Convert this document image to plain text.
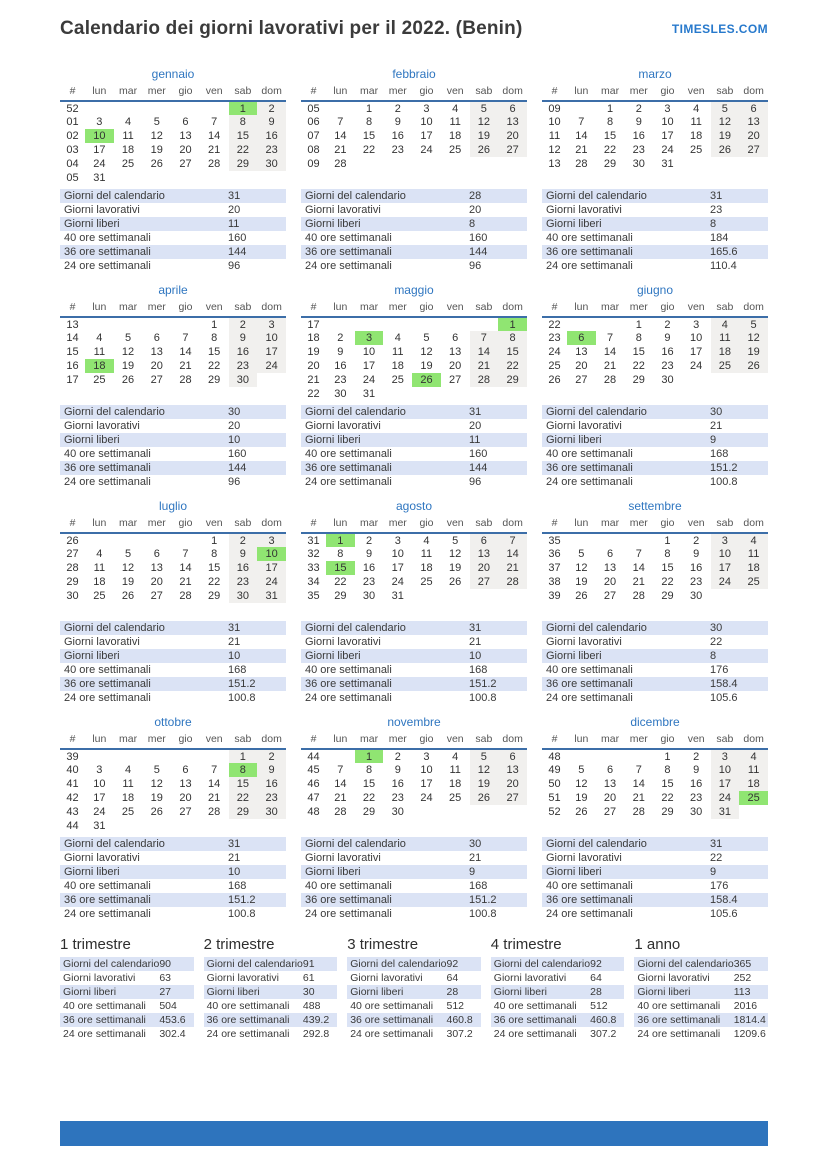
Calendario dei giorni lavorativi per il 2022. (Benin)	TIMESLES.COM
gennaio
#	lun	mar	mer	gio	ven	sab	dom
52						1	2
01	3	4	5	6	7	8	9
02	10	11	12	13	14	15	16
03	17	18	19	20	21	22	23
04	24	25	26	27	28	29	30
05	31						
Giorni del calendario	31
Giorni lavorativi	20
Giorni liberi	11
40 ore settimanali	160
36 ore settimanali	144
24 ore settimanali	96
febbraio
#	lun	mar	mer	gio	ven	sab	dom
05		1	2	3	4	5	6
06	7	8	9	10	11	12	13
07	14	15	16	17	18	19	20
08	21	22	23	24	25	26	27
09	28						
Giorni del calendario	28
Giorni lavorativi	20
Giorni liberi	8
40 ore settimanali	160
36 ore settimanali	144
24 ore settimanali	96
marzo
#	lun	mar	mer	gio	ven	sab	dom
09		1	2	3	4	5	6
10	7	8	9	10	11	12	13
11	14	15	16	17	18	19	20
12	21	22	23	24	25	26	27
13	28	29	30	31			
Giorni del calendario	31
Giorni lavorativi	23
Giorni liberi	8
40 ore settimanali	184
36 ore settimanali	165.6
24 ore settimanali	110.4
aprile
#	lun	mar	mer	gio	ven	sab	dom
13					1	2	3
14	4	5	6	7	8	9	10
15	11	12	13	14	15	16	17
16	18	19	20	21	22	23	24
17	25	26	27	28	29	30	
Giorni del calendario	30
Giorni lavorativi	20
Giorni liberi	10
40 ore settimanali	160
36 ore settimanali	144
24 ore settimanali	96
maggio
#	lun	mar	mer	gio	ven	sab	dom
17							1
18	2	3	4	5	6	7	8
19	9	10	11	12	13	14	15
20	16	17	18	19	20	21	22
21	23	24	25	26	27	28	29
22	30	31					
Giorni del calendario	31
Giorni lavorativi	20
Giorni liberi	11
40 ore settimanali	160
36 ore settimanali	144
24 ore settimanali	96
giugno
#	lun	mar	mer	gio	ven	sab	dom
22			1	2	3	4	5
23	6	7	8	9	10	11	12
24	13	14	15	16	17	18	19
25	20	21	22	23	24	25	26
26	27	28	29	30			
Giorni del calendario	30
Giorni lavorativi	21
Giorni liberi	9
40 ore settimanali	168
36 ore settimanali	151.2
24 ore settimanali	100.8
luglio
#	lun	mar	mer	gio	ven	sab	dom
26					1	2	3
27	4	5	6	7	8	9	10
28	11	12	13	14	15	16	17
29	18	19	20	21	22	23	24
30	25	26	27	28	29	30	31
Giorni del calendario	31
Giorni lavorativi	21
Giorni liberi	10
40 ore settimanali	168
36 ore settimanali	151.2
24 ore settimanali	100.8
agosto
#	lun	mar	mer	gio	ven	sab	dom
31	1	2	3	4	5	6	7
32	8	9	10	11	12	13	14
33	15	16	17	18	19	20	21
34	22	23	24	25	26	27	28
35	29	30	31				
Giorni del calendario	31
Giorni lavorativi	21
Giorni liberi	10
40 ore settimanali	168
36 ore settimanali	151.2
24 ore settimanali	100.8
settembre
#	lun	mar	mer	gio	ven	sab	dom
35				1	2	3	4
36	5	6	7	8	9	10	11
37	12	13	14	15	16	17	18
38	19	20	21	22	23	24	25
39	26	27	28	29	30		
Giorni del calendario	30
Giorni lavorativi	22
Giorni liberi	8
40 ore settimanali	176
36 ore settimanali	158.4
24 ore settimanali	105.6
ottobre
#	lun	mar	mer	gio	ven	sab	dom
39						1	2
40	3	4	5	6	7	8	9
41	10	11	12	13	14	15	16
42	17	18	19	20	21	22	23
43	24	25	26	27	28	29	30
44	31						
Giorni del calendario	31
Giorni lavorativi	21
Giorni liberi	10
40 ore settimanali	168
36 ore settimanali	151.2
24 ore settimanali	100.8
novembre
#	lun	mar	mer	gio	ven	sab	dom
44		1	2	3	4	5	6
45	7	8	9	10	11	12	13
46	14	15	16	17	18	19	20
47	21	22	23	24	25	26	27
48	28	29	30				
Giorni del calendario	30
Giorni lavorativi	21
Giorni liberi	9
40 ore settimanali	168
36 ore settimanali	151.2
24 ore settimanali	100.8
dicembre
#	lun	mar	mer	gio	ven	sab	dom
48				1	2	3	4
49	5	6	7	8	9	10	11
50	12	13	14	15	16	17	18
51	19	20	21	22	23	24	25
52	26	27	28	29	30	31	
Giorni del calendario	31
Giorni lavorativi	22
Giorni liberi	9
40 ore settimanali	176
36 ore settimanali	158.4
24 ore settimanali	105.6
1 trimestre
Giorni del calendario	90
Giorni lavorativi	63
Giorni liberi	27
40 ore settimanali	504
36 ore settimanali	453.6
24 ore settimanali	302.4
2 trimestre
Giorni del calendario	91
Giorni lavorativi	61
Giorni liberi	30
40 ore settimanali	488
36 ore settimanali	439.2
24 ore settimanali	292.8
3 trimestre
Giorni del calendario	92
Giorni lavorativi	64
Giorni liberi	28
40 ore settimanali	512
36 ore settimanali	460.8
24 ore settimanali	307.2
4 trimestre
Giorni del calendario	92
Giorni lavorativi	64
Giorni liberi	28
40 ore settimanali	512
36 ore settimanali	460.8
24 ore settimanali	307.2
1 anno
Giorni del calendario	365
Giorni lavorativi	252
Giorni liberi	113
40 ore settimanali	2016
36 ore settimanali	1814.4
24 ore settimanali	1209.6
